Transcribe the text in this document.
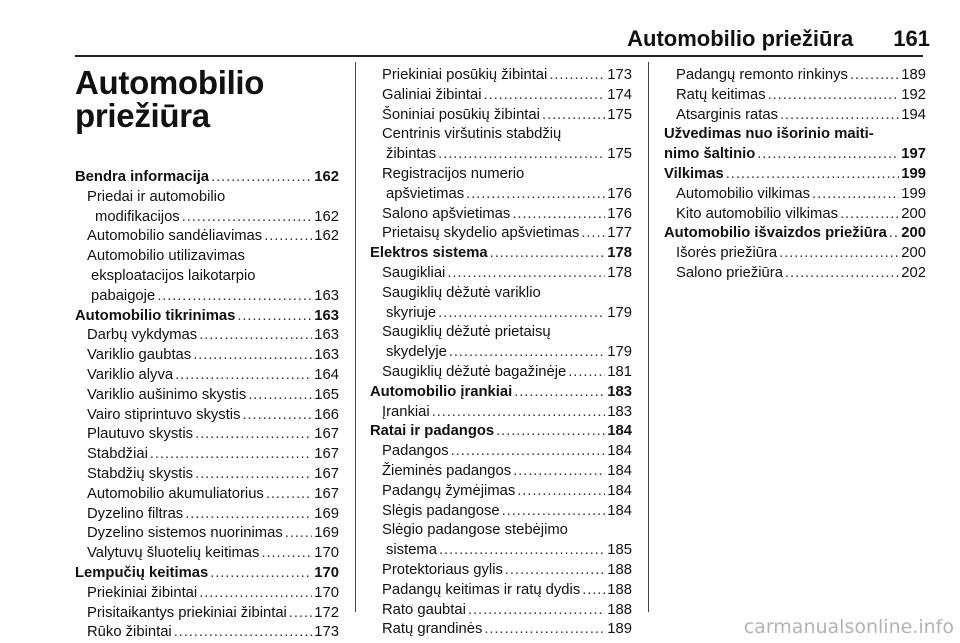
Automobilio priežiūra 161
Automobilio
priežiūra
Bendra informacija . . .	162
Priedai ir automobilio
modifikacijos . . .	162
Automobilio sandėliavimas . . .	162
Automobilio utilizavimas
eksploatacijos laikotarpio
pabaigoje . . .	163
Automobilio tikrinimas . . .	163
Darbų vykdymas . . .	163
Variklio gaubtas . . .	163
Variklio alyva . . .	164
Variklio aušinimo skystis . . .	165
Vairo stiprintuvo skystis . . .	166
Plautuvo skystis . . .	167
Stabdžiai . . .	167
Stabdžių skystis . . .	167
Automobilio akumuliatorius . . .	167
Dyzelino filtras . . .	169
Dyzelino sistemos nuorinimas . . . 169
Valytuvų šluotelių keitimas . . .	170
Lempučių keitimas . . .	170
Priekiniai žibintai . . .	170
Prisitaikantys priekiniai žibintai . . . 172
Rūko žibintai . . .	173
Priekiniai posūkių žibintai . . .	173
Galiniai žibintai . . .	174
Šoniniai posūkių žibintai . . .	175
Centrinis viršutinis stabdžių
žibintas . . .	175
Registracijos numerio
apšvietimas . . .	176
Salono apšvietimas . . .	176
Prietaisų skydelio apšvietimas . . . 177
Elektros sistema . . .	178
Saugikliai . . .	178
Saugiklių dėžutė variklio
skyriuje . . .	179
Saugiklių dėžutė prietaisų
skydelyje . . .	179
Saugiklių dėžutė bagažinėje . . .	181
Automobilio įrankiai . . .	183
Įrankiai . . .	183
Ratai ir padangos . . .	184
Padangos . . .	184
Žieminės padangos . . .	184
Padangų žymėjimas . . .	184
Slėgis padangose . . .	184
Slėgio padangose stebėjimo
sistema . . .	185
Protektoriaus gylis . . .	188
Padangų keitimas ir ratų dydis . . . 188
Rato gaubtai . . .	188
Ratų grandinės . . .	189
Padangų remonto rinkinys . . .	189
Ratų keitimas . . .	192
Atsarginis ratas . . .	194
Užvedimas nuo išorinio maiti-
nimo šaltinio . . .	197
Vilkimas . . .	199
Automobilio vilkimas . . .	199
Kito automobilio vilkimas . . .	200
Automobilio išvaizdos priežiūra . . . 200
Išorės priežiūra . . .	200
Salono priežiūra . . .	202
carmanualsonline.info
